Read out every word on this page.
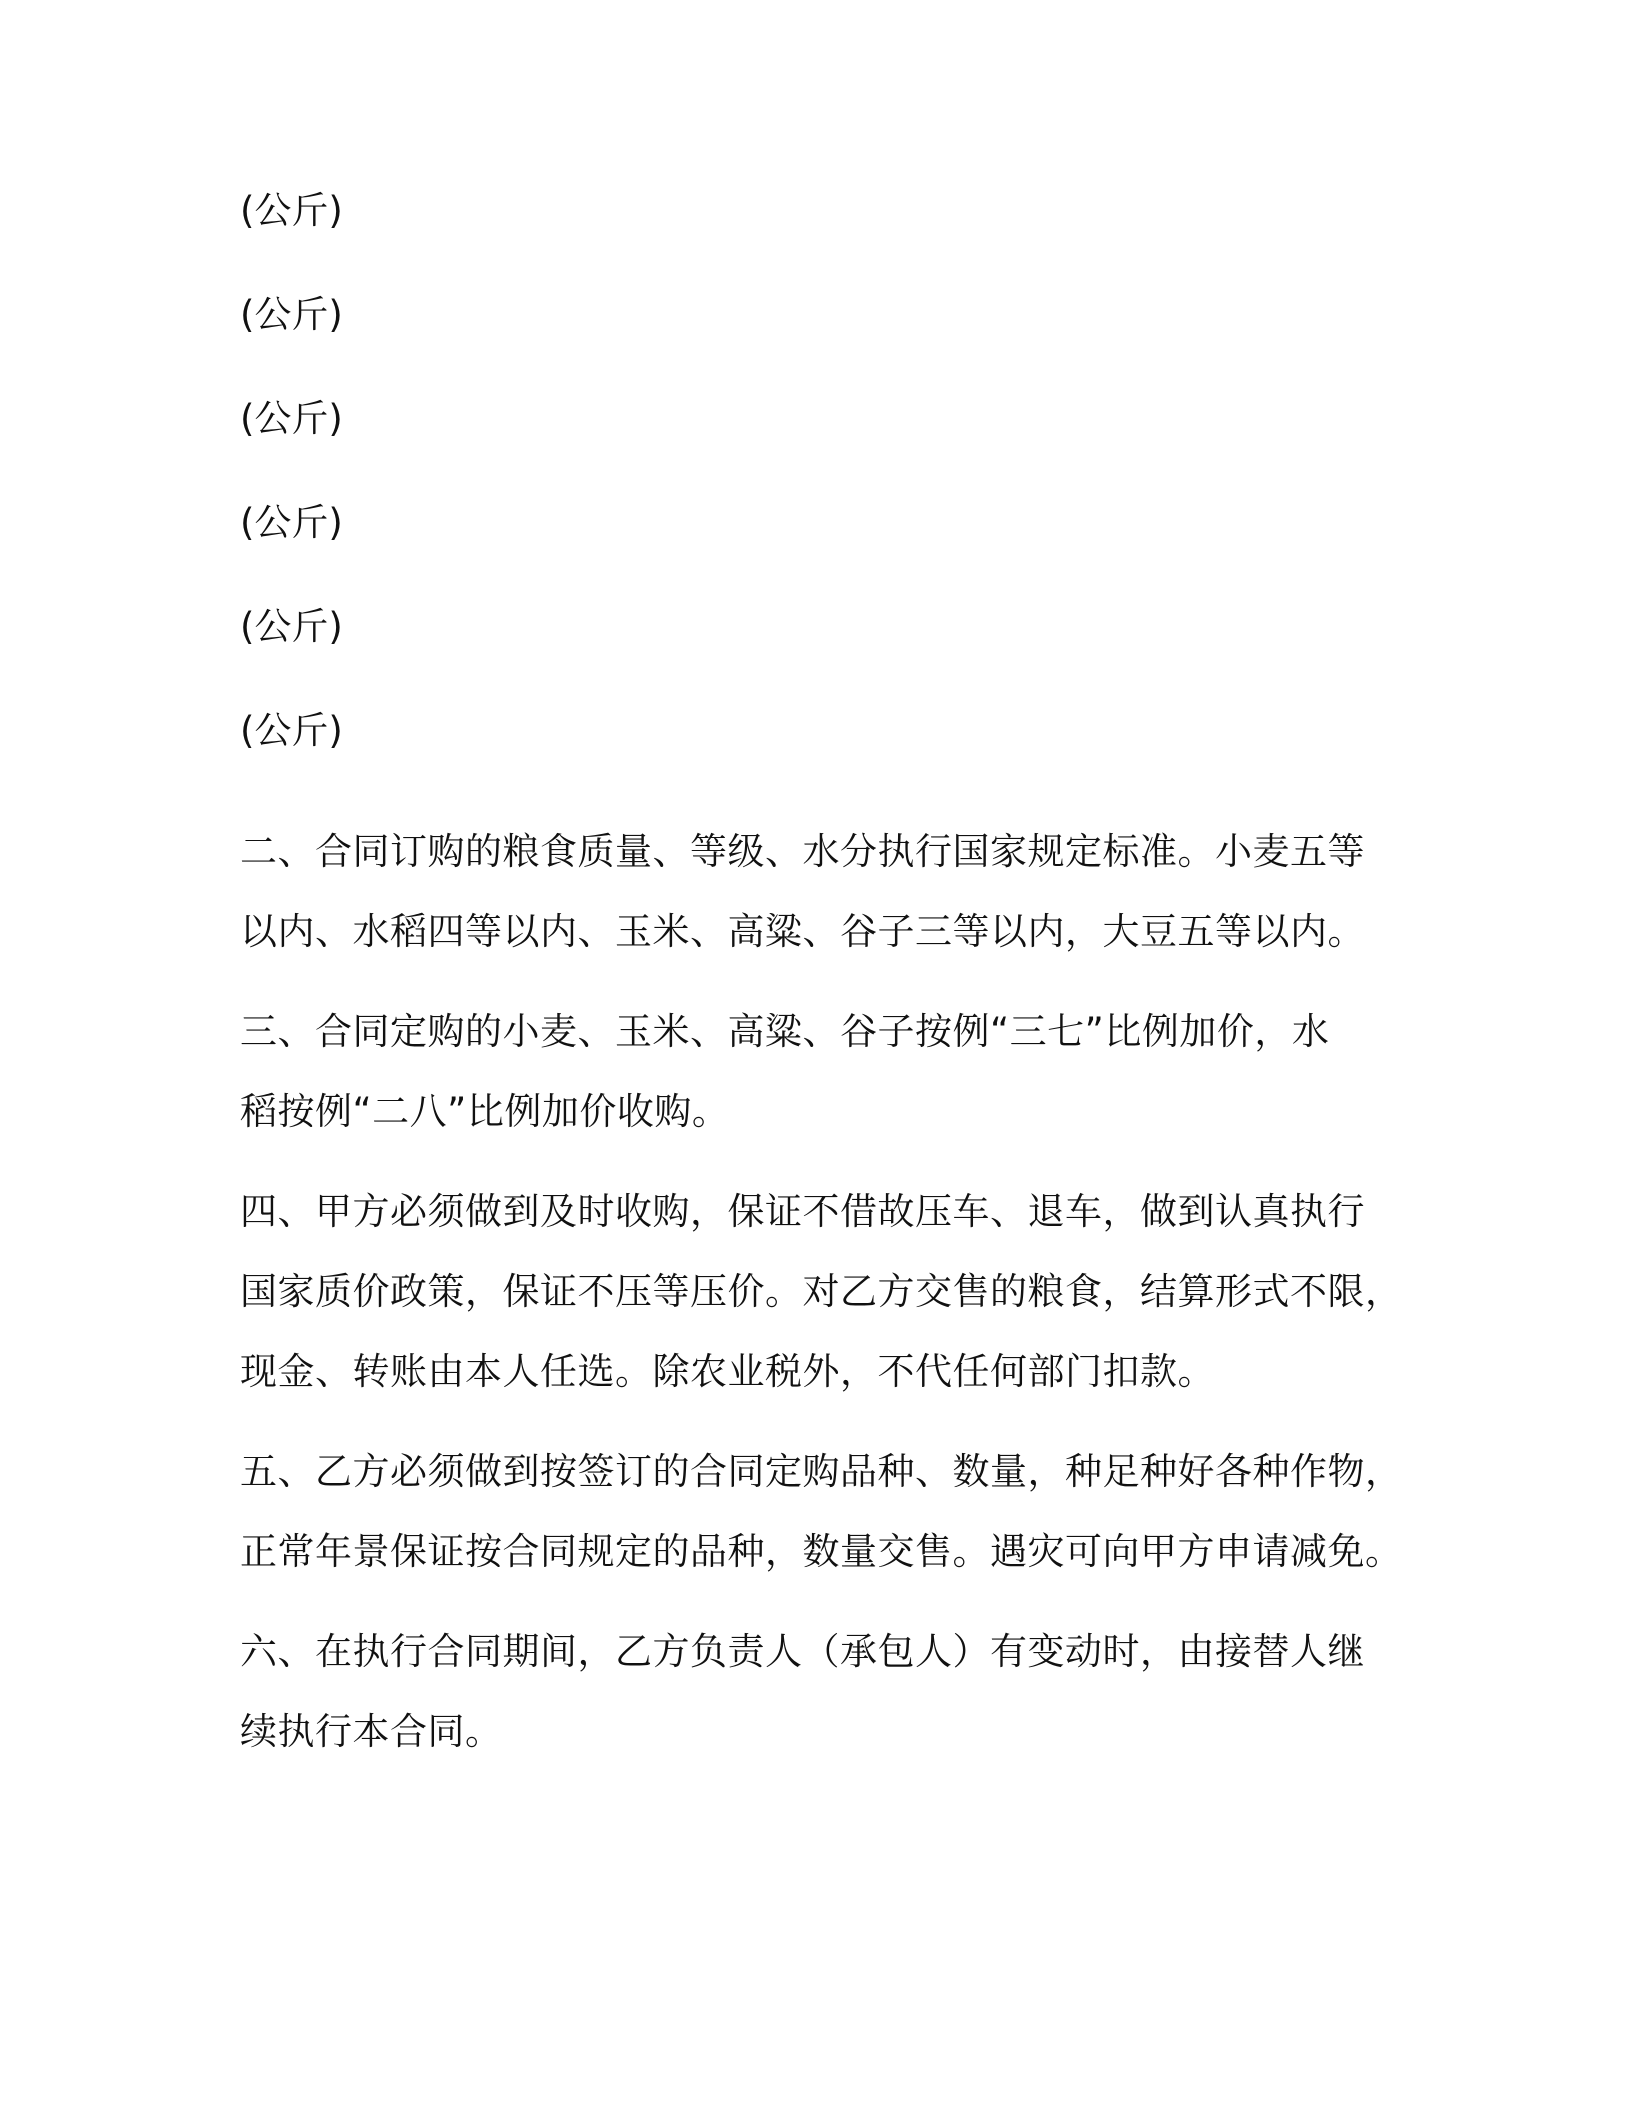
(公斤)
(公斤)
(公斤)
(公斤)
(公斤)
(公斤)

二、合同订购的粮食质量、等级、水分执行国家规定标准。小麦五等
以内、水稻四等以内、玉米、高粱、谷子三等以内，大豆五等以内。

三、合同定购的小麦、玉米、高粱、谷子按例“三七”比例加价，水
稻按例“二八”比例加价收购。

四、甲方必须做到及时收购，保证不借故压车、退车，做到认真执行
国家质价政策，保证不压等压价。对乙方交售的粮食，结算形式不限，
现金、转账由本人任选。除农业税外，不代任何部门扣款。

五、乙方必须做到按签订的合同定购品种、数量，种足种好各种作物，
正常年景保证按合同规定的品种，数量交售。遇灾可向甲方申请减免。

六、在执行合同期间，乙方负责人（承包人）有变动时，由接替人继
续执行本合同。
